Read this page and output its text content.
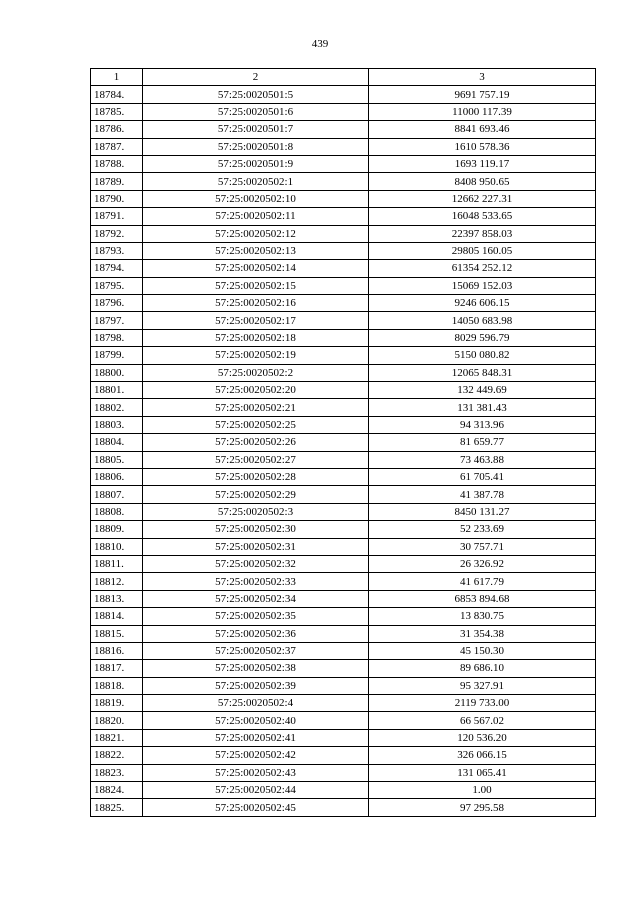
439
1	2	3
18784.	57:25:0020501:5	9691 757.19
18785.	57:25:0020501:6	11000 117.39
18786.	57:25:0020501:7	8841 693.46
18787.	57:25:0020501:8	1610 578.36
18788.	57:25:0020501:9	1693 119.17
18789.	57:25:0020502:1	8408 950.65
18790.	57:25:0020502:10	12662 227.31
18791.	57:25:0020502:11	16048 533.65
18792.	57:25:0020502:12	22397 858.03
18793.	57:25:0020502:13	29805 160.05
18794.	57:25:0020502:14	61354 252.12
18795.	57:25:0020502:15	15069 152.03
18796.	57:25:0020502:16	9246 606.15
18797.	57:25:0020502:17	14050 683.98
18798.	57:25:0020502:18	8029 596.79
18799.	57:25:0020502:19	5150 080.82
18800.	57:25:0020502:2	12065 848.31
18801.	57:25:0020502:20	132 449.69
18802.	57:25:0020502:21	131 381.43
18803.	57:25:0020502:25	94 313.96
18804.	57:25:0020502:26	81 659.77
18805.	57:25:0020502:27	73 463.88
18806.	57:25:0020502:28	61 705.41
18807.	57:25:0020502:29	41 387.78
18808.	57:25:0020502:3	8450 131.27
18809.	57:25:0020502:30	52 233.69
18810.	57:25:0020502:31	30 757.71
18811.	57:25:0020502:32	26 326.92
18812.	57:25:0020502:33	41 617.79
18813.	57:25:0020502:34	6853 894.68
18814.	57:25:0020502:35	13 830.75
18815.	57:25:0020502:36	31 354.38
18816.	57:25:0020502:37	45 150.30
18817.	57:25:0020502:38	89 686.10
18818.	57:25:0020502:39	95 327.91
18819.	57:25:0020502:4	2119 733.00
18820.	57:25:0020502:40	66 567.02
18821.	57:25:0020502:41	120 536.20
18822.	57:25:0020502:42	326 066.15
18823.	57:25:0020502:43	131 065.41
18824.	57:25:0020502:44	1.00
18825.	57:25:0020502:45	97 295.58
